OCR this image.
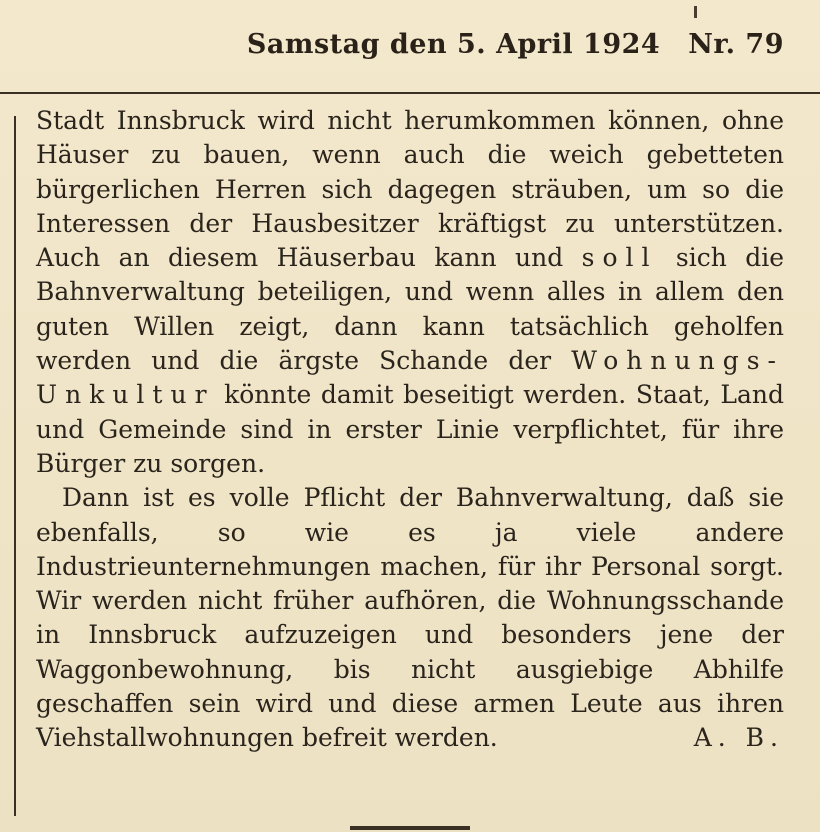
Samstag den 5. April 1924 Nr. 79

Stadt Innsbruck wird nicht herumkommen können, ohne Häuser zu bauen, wenn auch die weich gebetteten bürgerlichen Herren sich dagegen sträuben, um so die Interessen der Hausbesitzer kräftigst zu unterstützen. Auch an diesem Häuserbau kann und soll sich die Bahnverwaltung beteiligen, und wenn alles in allem den guten Willen zeigt, dann kann tatsächlich geholfen werden und die ärgste Schande der Wohnungs-Unkultur könnte damit beseitigt werden. Staat, Land und Gemeinde sind in erster Linie verpflichtet, für ihre Bürger zu sorgen.

Dann ist es volle Pflicht der Bahnverwaltung, daß sie ebenfalls, so wie es ja viele andere Industrieunternehmungen machen, für ihr Personal sorgt. Wir werden nicht früher aufhören, die Wohnungsschande in Innsbruck aufzuzeigen und besonders jene der Waggonbewohnung, bis nicht ausgiebige Abhilfe geschaffen sein wird und diese armen Leute aus ihren Viehstallwohnungen befreit werden.	A. B.
